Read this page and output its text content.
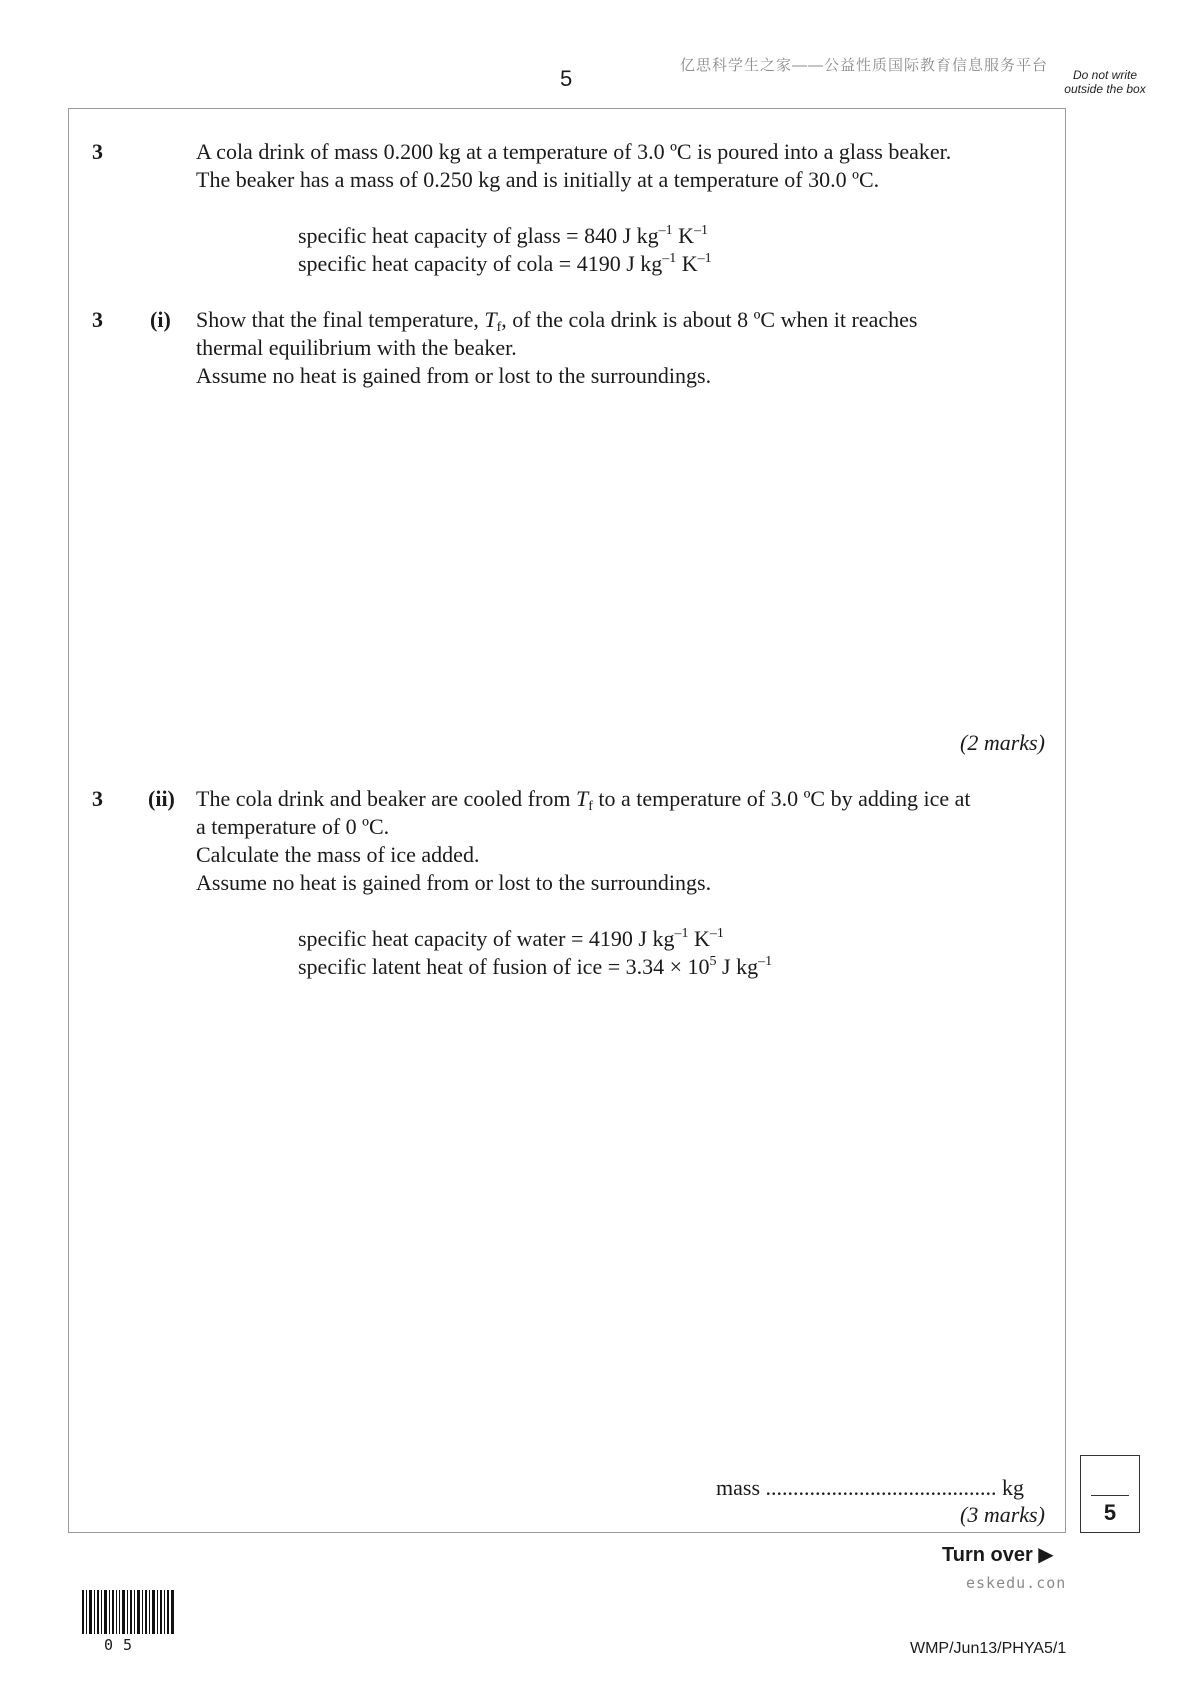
5
亿思科学生之家——公益性质国际教育信息服务平台
Do not write outside the box
3	A cola drink of mass 0.200 kg at a temperature of 3.0 ºC is poured into a glass beaker.
The beaker has a mass of 0.250 kg and is initially at a temperature of 30.0 ºC.
specific heat capacity of glass = 840 J $kg^{-1}$ $K^{-1}$
specific heat capacity of cola = 4190 J $kg^{-1}$ $K^{-1}$
3 (i) Show that the final temperature, $T_f$, of the cola drink is about 8 ºC when it reaches
thermal equilibrium with the beaker.
Assume no heat is gained from or lost to the surroundings.
(2 marks)
3 (ii) The cola drink and beaker are cooled from $T_f$ to a temperature of 3.0 ºC by adding ice at
a temperature of 0 ºC.
Calculate the mass of ice added.
Assume no heat is gained from or lost to the surroundings.
specific heat capacity of water = 4190 J $kg^{-1}$ $K^{-1}$
specific latent heat of fusion of ice = $3.34 \times 10^5$ J $kg^{-1}$
mass .......................................... kg
(3 marks)	5
Turn over ▶
eskedu.con
05	WMP/Jun13/PHYA5/1
